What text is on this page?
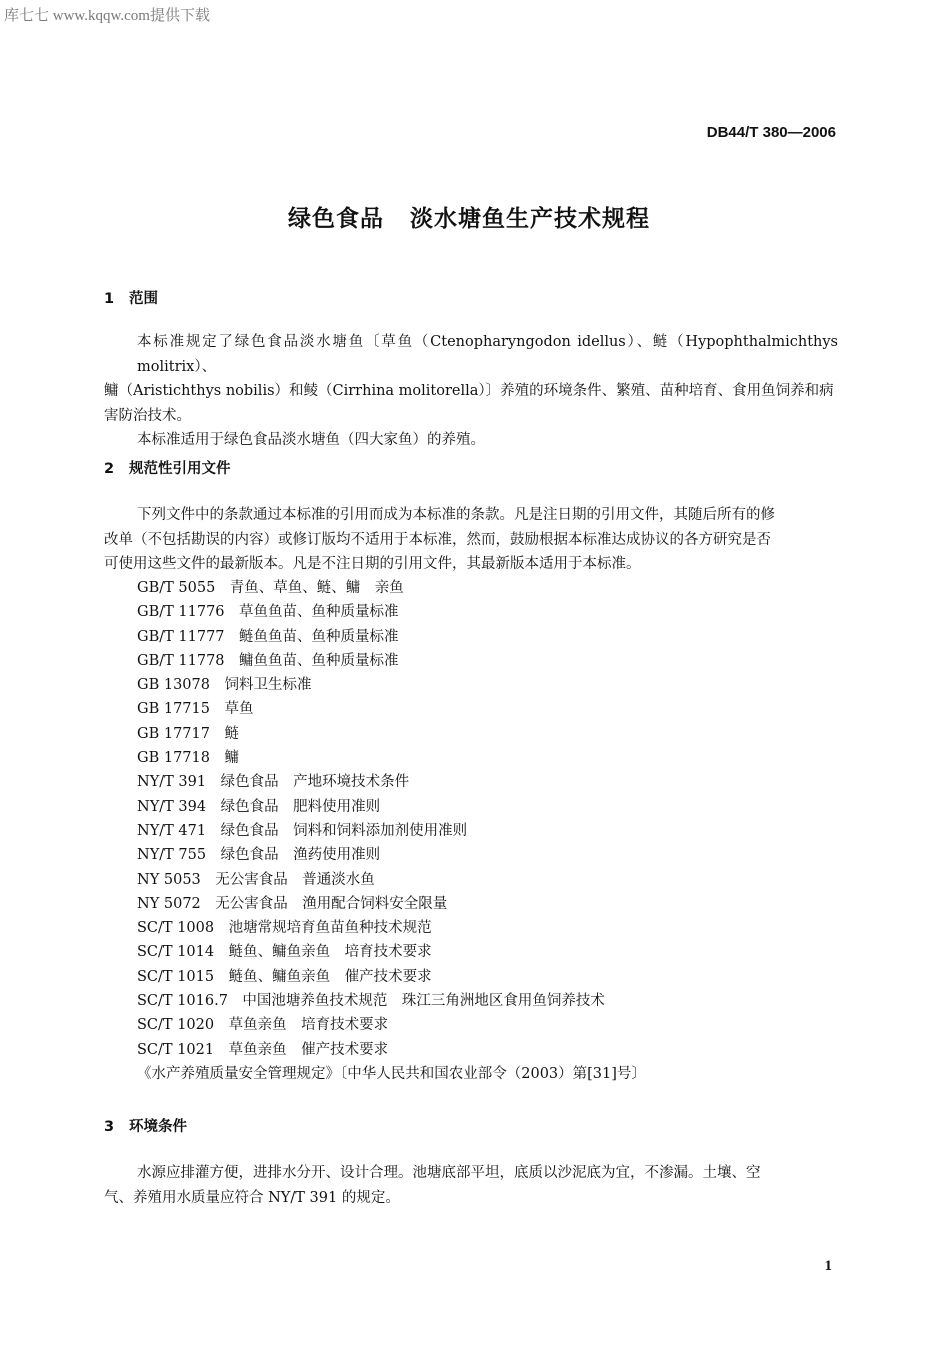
库七七 www.kqqw.com提供下载
DB44/T 380—2006
绿色食品 淡水塘鱼生产技术规程
1 范围
本标准规定了绿色食品淡水塘鱼〔草鱼（Ctenopharyngodon idellus）、鲢（Hypophthalmichthys molitrix）、
鳙（Aristichthys nobilis）和鲮（Cirrhina molitorella）〕养殖的环境条件、繁殖、苗种培育、食用鱼饲养和病
害防治技术。
本标准适用于绿色食品淡水塘鱼（四大家鱼）的养殖。
2 规范性引用文件
下列文件中的条款通过本标准的引用而成为本标准的条款。凡是注日期的引用文件，其随后所有的修
改单（不包括勘误的内容）或修订版均不适用于本标准，然而，鼓励根据本标准达成协议的各方研究是否
可使用这些文件的最新版本。凡是不注日期的引用文件，其最新版本适用于本标准。
GB/T 5055　青鱼、草鱼、鲢、鳙　亲鱼
GB/T 11776　草鱼鱼苗、鱼种质量标准
GB/T 11777　鲢鱼鱼苗、鱼种质量标准
GB/T 11778　鳙鱼鱼苗、鱼种质量标准
GB 13078　饲料卫生标准
GB 17715　草鱼
GB 17717　鲢
GB 17718　鳙
NY/T 391　绿色食品　产地环境技术条件
NY/T 394　绿色食品　肥料使用准则
NY/T 471　绿色食品　饲料和饲料添加剂使用准则
NY/T 755　绿色食品　渔药使用准则
NY 5053　无公害食品　普通淡水鱼
NY 5072　无公害食品　渔用配合饲料安全限量
SC/T 1008　池塘常规培育鱼苗鱼种技术规范
SC/T 1014　鲢鱼、鳙鱼亲鱼　培育技术要求
SC/T 1015　鲢鱼、鳙鱼亲鱼　催产技术要求
SC/T 1016.7　中国池塘养鱼技术规范　珠江三角洲地区食用鱼饲养技术
SC/T 1020　草鱼亲鱼　培育技术要求
SC/T 1021　草鱼亲鱼　催产技术要求
《水产养殖质量安全管理规定》〔中华人民共和国农业部令（2003）第[31]号〕
3 环境条件
水源应排灌方便，进排水分开、设计合理。池塘底部平坦，底质以沙泥底为宜，不渗漏。土壤、空
气、养殖用水质量应符合 NY/T 391 的规定。
1
